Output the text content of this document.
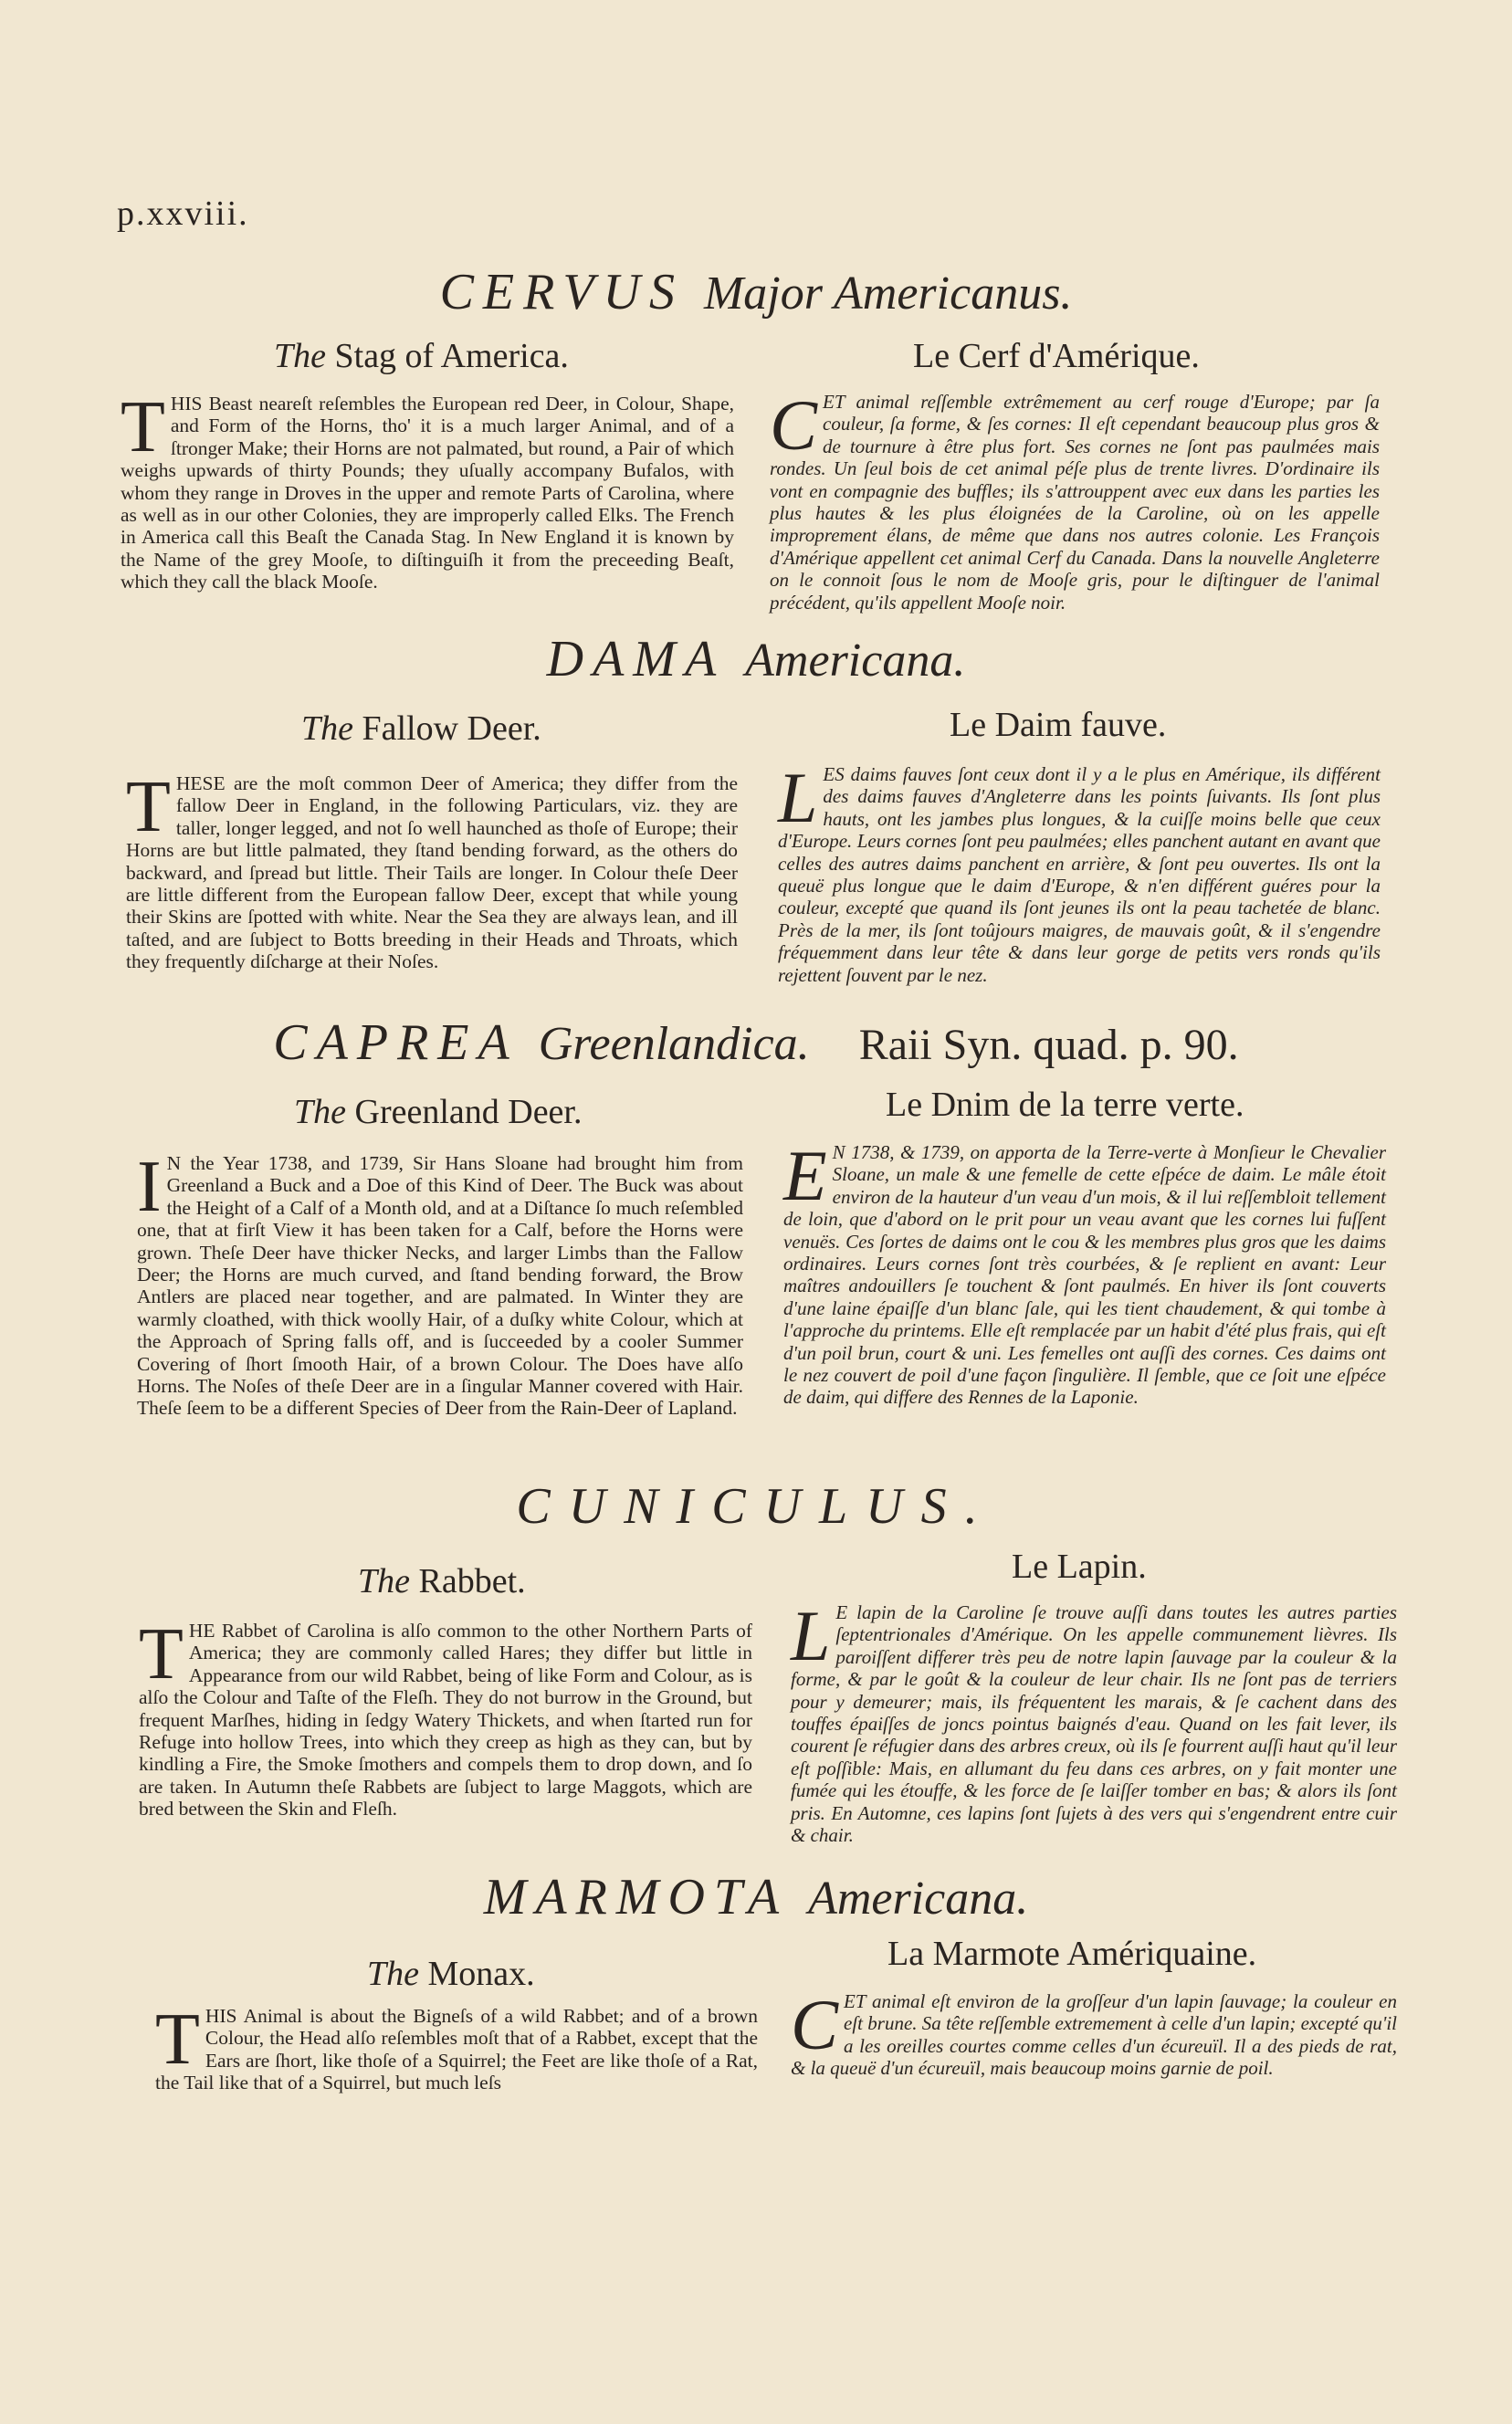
p.xxviii.
CERVUS Major Americanus.
The Stag of America.	Le Cerf d'Amérique.
THIS Beast neareſt reſembles the European red Deer, in Colour, Shape, and Form of the Horns, tho' it is a much larger Animal, and of a ſtronger Make; their Horns are not palmated, but round, a Pair of which weighs upwards of thirty Pounds; they uſually accompany Bufalos, with whom they range in Droves in the upper and remote Parts of Carolina, where as well as in our other Colonies, they are improperly called Elks. The French in America call this Beaſt the Canada Stag. In New England it is known by the Name of the grey Mooſe, to diſtinguiſh it from the preceeding Beaſt, which they call the black Mooſe.
CET animal reſſemble extrêmement au cerf rouge d'Europe; par ſa couleur, ſa forme, & ſes cornes: Il eſt cependant beaucoup plus gros & de tournure à être plus fort. Ses cornes ne ſont pas paulmées mais rondes. Un ſeul bois de cet animal péſe plus de trente livres. D'ordinaire ils vont en compagnie des buffles; ils s'attrouppent avec eux dans les parties les plus hautes & les plus éloignées de la Caroline, où on les appelle improprement élans, de même que dans nos autres colonie. Les François d'Amérique appellent cet animal Cerf du Canada. Dans la nouvelle Angleterre on le connoit ſous le nom de Mooſe gris, pour le diſtinguer de l'animal précédent, qu'ils appellent Mooſe noir.
DAMA Americana.
The Fallow Deer.	Le Daim fauve.
THESE are the moſt common Deer of America; they differ from the fallow Deer in England, in the following Particulars, viz. they are taller, longer legged, and not ſo well haunched as thoſe of Europe; their Horns are but little palmated, they ſtand bending forward, as the others do backward, and ſpread but little. Their Tails are longer. In Colour theſe Deer are little different from the European fallow Deer, except that while young their Skins are ſpotted with white. Near the Sea they are always lean, and ill taſted, and are ſubject to Botts breeding in their Heads and Throats, which they frequently diſcharge at their Noſes.
LES daims fauves ſont ceux dont il y a le plus en Amérique, ils différent des daims fauves d'Angleterre dans les points ſuivants. Ils ſont plus hauts, ont les jambes plus longues, & la cuiſſe moins belle que ceux d'Europe. Leurs cornes ſont peu paulmées; elles panchent autant en avant que celles des autres daims panchent en arrière, & ſont peu ouvertes. Ils ont la queuë plus longue que le daim d'Europe, & n'en différent guéres pour la couleur, excepté que quand ils ſont jeunes ils ont la peau tachetée de blanc. Près de la mer, ils ſont toûjours maigres, de mauvais goût, & il s'engendre fréquemment dans leur tête & dans leur gorge de petits vers ronds qu'ils rejettent ſouvent par le nez.
CAPREA Greenlandica. Raii Syn. quad. p. 90.
The Greenland Deer.	Le Dnim de la terre verte.
I N the Year 1738, and 1739, Sir Hans Sloane had brought him from Greenland a Buck and a Doe of this Kind of Deer. The Buck was about the Height of a Calf of a Month old, and at a Diſtance ſo much reſembled one, that at firſt View it has been taken for a Calf, before the Horns were grown. Theſe Deer have thicker Necks, and larger Limbs than the Fallow Deer; the Horns are much curved, and ſtand bending forward, the Brow Antlers are placed near together, and are palmated. In Winter they are warmly cloathed, with thick woolly Hair, of a duſky white Colour, which at the Approach of Spring falls off, and is ſucceeded by a cooler Summer Covering of ſhort ſmooth Hair, of a brown Colour. The Does have alſo Horns. The Noſes of theſe Deer are in a ſingular Manner covered with Hair. Theſe ſeem to be a different Species of Deer from the Rain-Deer of Lapland.
E N 1738, & 1739, on apporta de la Terre-verte à Monſieur le Chevalier Sloane, un male & une femelle de cette eſpéce de daim. Le mâle étoit environ de la hauteur d'un veau d'un mois, & il lui reſſembloit tellement de loin, que d'abord on le prit pour un veau avant que les cornes lui fuſſent venuës. Ces ſortes de daims ont le cou & les membres plus gros que les daims ordinaires. Leurs cornes ſont très courbées, & ſe replient en avant: Leur maîtres andouillers ſe touchent & ſont paulmés. En hiver ils ſont couverts d'une laine épaiſſe d'un blanc ſale, qui les tient chaudement, & qui tombe à l'approche du printems. Elle eſt remplacée par un habit d'été plus frais, qui eſt d'un poil brun, court & uni. Les femelles ont auſſi des cornes. Ces daims ont le nez couvert de poil d'une façon ſingulière. Il ſemble, que ce ſoit une eſpéce de daim, qui differe des Rennes de la Laponie.
CUNICULUS.
The Rabbet.	Le Lapin.
THE Rabbet of Carolina is alſo common to the other Northern Parts of America; they are commonly called Hares; they differ but little in Appearance from our wild Rabbet, being of like Form and Colour, as is alſo the Colour and Taſte of the Fleſh. They do not burrow in the Ground, but frequent Marſhes, hiding in ſedgy Watery Thickets, and when ſtarted run for Refuge into hollow Trees, into which they creep as high as they can, but by kindling a Fire, the Smoke ſmothers and compels them to drop down, and ſo are taken. In Autumn theſe Rabbets are ſubject to large Maggots, which are bred between the Skin and Fleſh.
L E lapin de la Caroline ſe trouve auſſi dans toutes les autres parties ſeptentrionales d'Amérique. On les appelle communement lièvres. Ils paroiſſent differer très peu de notre lapin ſauvage par la couleur & la forme, & par le goût & la couleur de leur chair. Ils ne ſont pas de terriers pour y demeurer; mais, ils fréquentent les marais, & ſe cachent dans des touffes épaiſſes de joncs pointus baignés d'eau. Quand on les fait lever, ils courent ſe réfugier dans des arbres creux, où ils ſe fourrent auſſi haut qu'il leur eſt poſſible: Mais, en allumant du feu dans ces arbres, on y fait monter une fumée qui les étouffe, & les force de ſe laiſſer tomber en bas; & alors ils ſont pris. En Automne, ces lapins ſont ſujets à des vers qui s'engendrent entre cuir & chair.
MARMOTA Americana.
The Monax.
La Marmote Amériquaine.
THIS Animal is about the Bigneſs of a wild Rabbet; and of a brown Colour, the Head alſo reſembles moſt that of a Rabbet, except that the Ears are ſhort, like thoſe of a Squirrel; the Feet are like thoſe of a Rat, the Tail like that of a Squirrel, but much leſs
CET animal eſt environ de la groſſeur d'un lapin ſauvage; la couleur en eſt brune. Sa tête reſſemble extremement à celle d'un lapin; excepté qu'il a les oreilles courtes comme celles d'un écureuïl. Il a des pieds de rat, & la queuë d'un écureuïl, mais beaucoup moins garnie de poil.
